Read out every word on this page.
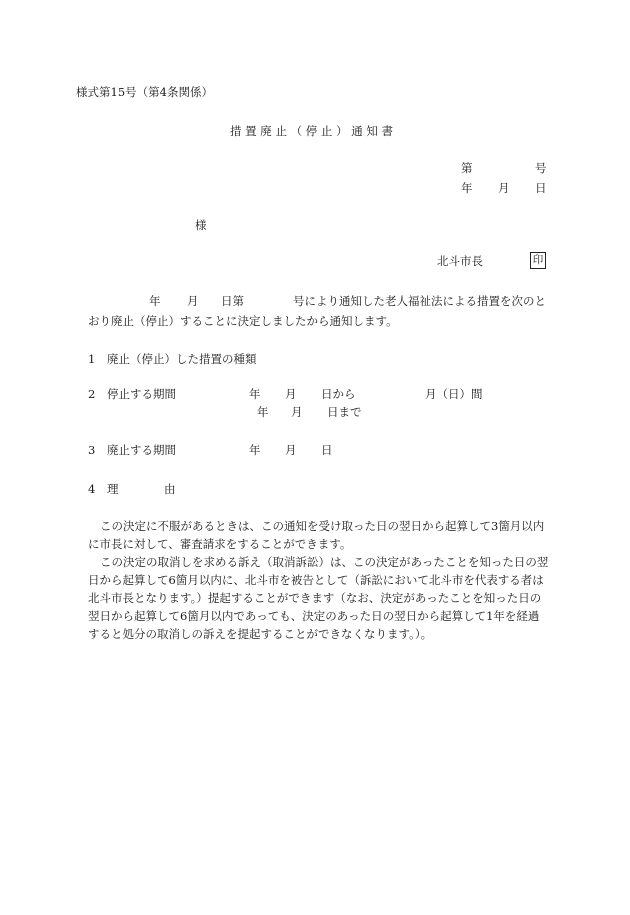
様式第15号（第4条関係）
措 置 廃 止 （ 停 止 ） 通 知 書
第	号
年 月 日
様
北斗市長	印
年 月 日第	号により通知した老人福祉法による措置を次のと
おり廃止（停止）することに決定しましたから通知します。
1 廃止（停止）した措置の種類
2 停止する期間	年 月 日から	月（日）間
年 月 日まで
3 廃止する期間	年 月 日
4 理	由
この決定に不服があるときは、この通知を受け取った日の翌日から起算して3箇月以内
に市長に対して、審査請求をすることができます。
この決定の取消しを求める訴え（取消訴訟）は、この決定があったことを知った日の翌
日から起算して6箇月以内に、北斗市を被告として（訴訟において北斗市を代表する者は
北斗市長となります。）提起することができます（なお、決定があったことを知った日の
翌日から起算して6箇月以内であっても、決定のあった日の翌日から起算して1年を経過
すると処分の取消しの訴えを提起することができなくなります。）。
